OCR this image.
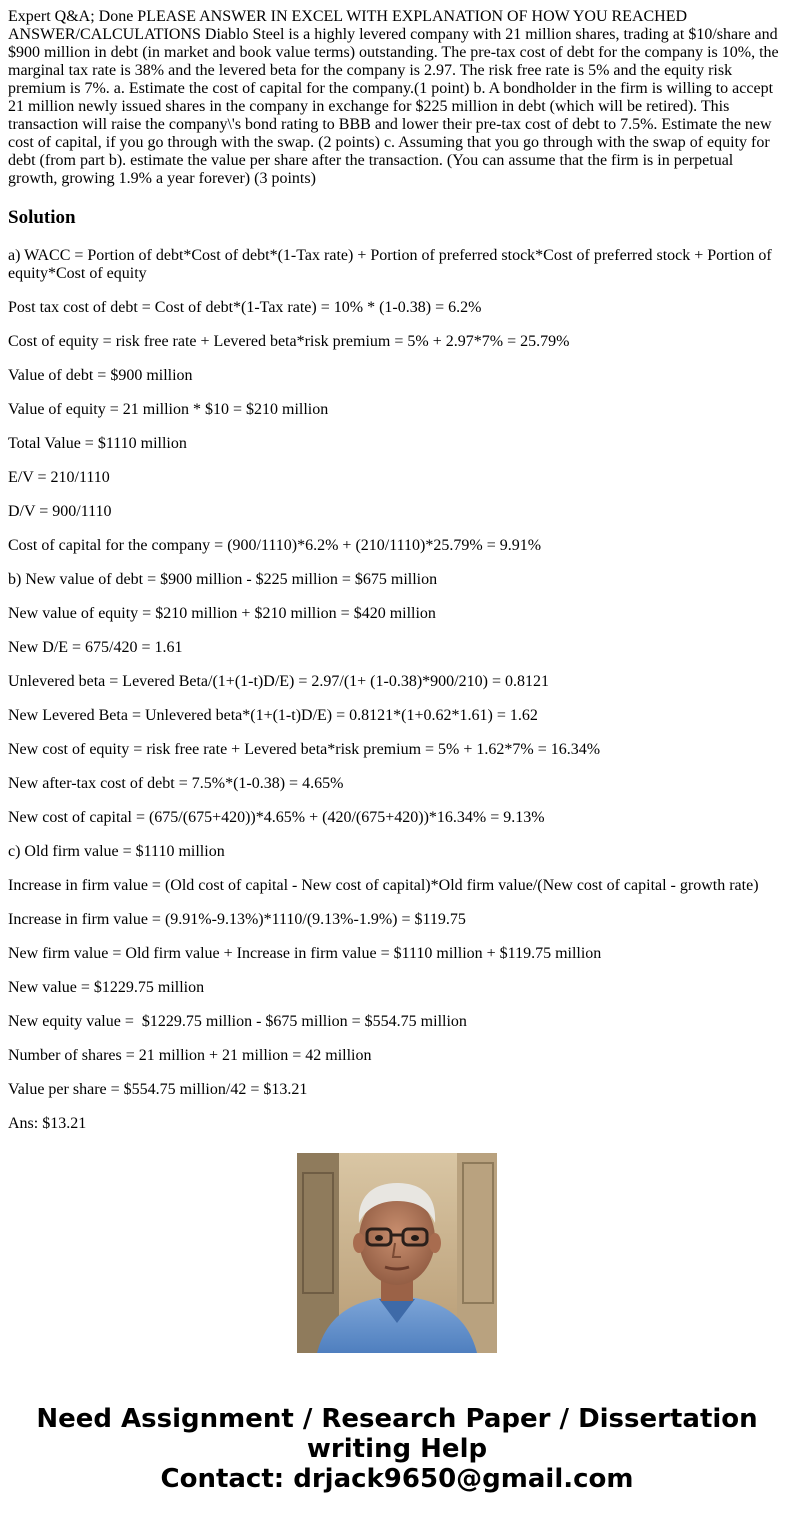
Expert Q&A; Done PLEASE ANSWER IN EXCEL WITH EXPLANATION OF HOW YOU REACHED ANSWER/CALCULATIONS Diablo Steel is a highly levered company with 21 million shares, trading at $10/share and $900 million in debt (in market and book value terms) outstanding. The pre-tax cost of debt for the company is 10%, the marginal tax rate is 38% and the levered beta for the company is 2.97. The risk free rate is 5% and the equity risk premium is 7%. a. Estimate the cost of capital for the company.(1 point) b. A bondholder in the firm is willing to accept 21 million newly issued shares in the company in exchange for $225 million in debt (which will be retired). This transaction will raise the company\'s bond rating to BBB and lower their pre-tax cost of debt to 7.5%. Estimate the new cost of capital, if you go through with the swap. (2 points) c. Assuming that you go through with the swap of equity for debt (from part b). estimate the value per share after the transaction. (You can assume that the firm is in perpetual growth, growing 1.9% a year forever) (3 points)

Solution
a) WACC = Portion of debt*Cost of debt*(1-Tax rate) + Portion of preferred stock*Cost of preferred stock + Portion of equity*Cost of equity
Post tax cost of debt = Cost of debt*(1-Tax rate) = 10% * (1-0.38) = 6.2%
Cost of equity = risk free rate + Levered beta*risk premium = 5% + 2.97*7% = 25.79%
Value of debt = $900 million
Value of equity = 21 million * $10 = $210 million
Total Value = $1110 million
E/V = 210/1110
D/V = 900/1110
Cost of capital for the company = (900/1110)*6.2% + (210/1110)*25.79% = 9.91%
b) New value of debt = $900 million - $225 million = $675 million
New value of equity = $210 million + $210 million = $420 million
New D/E = 675/420 = 1.61
Unlevered beta = Levered Beta/(1+(1-t)D/E) = 2.97/(1+ (1-0.38)*900/210) = 0.8121
New Levered Beta = Unlevered beta*(1+(1-t)D/E) = 0.8121*(1+0.62*1.61) = 1.62
New cost of equity = risk free rate + Levered beta*risk premium = 5% + 1.62*7% = 16.34%
New after-tax cost of debt = 7.5%*(1-0.38) = 4.65%
New cost of capital = (675/(675+420))*4.65% + (420/(675+420))*16.34% = 9.13%
c) Old firm value = $1110 million
Increase in firm value = (Old cost of capital - New cost of capital)*Old firm value/(New cost of capital - growth rate)
Increase in firm value = (9.91%-9.13%)*1110/(9.13%-1.9%) = $119.75
New firm value = Old firm value + Increase in firm value = $1110 million + $119.75 million
New value = $1229.75 million
New equity value =  $1229.75 million - $675 million = $554.75 million
Number of shares = 21 million + 21 million = 42 million
Value per share = $554.75 million/42 = $13.21
Ans: $13.21
Need Assignment / Research Paper / Dissertation
writing Help
Contact: drjack9650@gmail.com
